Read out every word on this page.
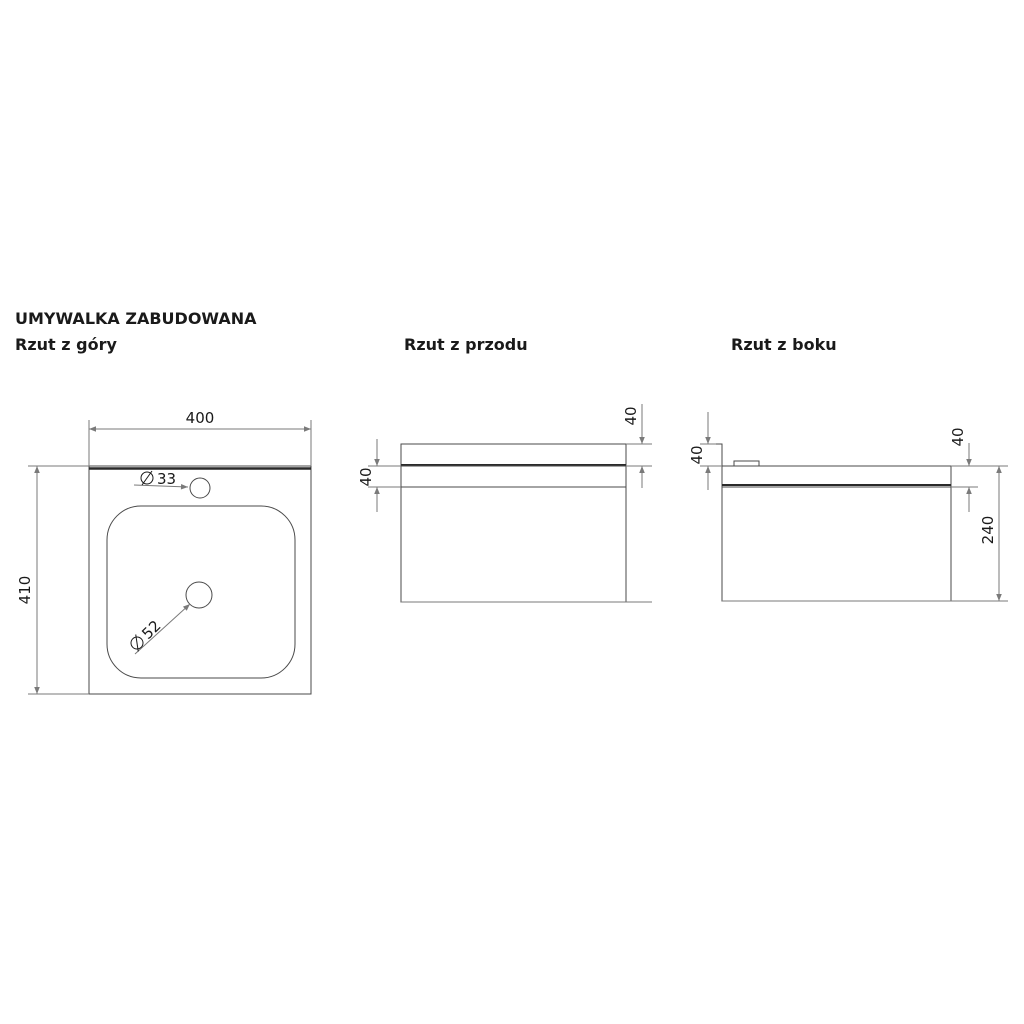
UMYWALKA ZABUDOWANA
Rzut z góry	Rzut z przodu	Rzut z boku
400
410
33
52
40
40
40
40
240
